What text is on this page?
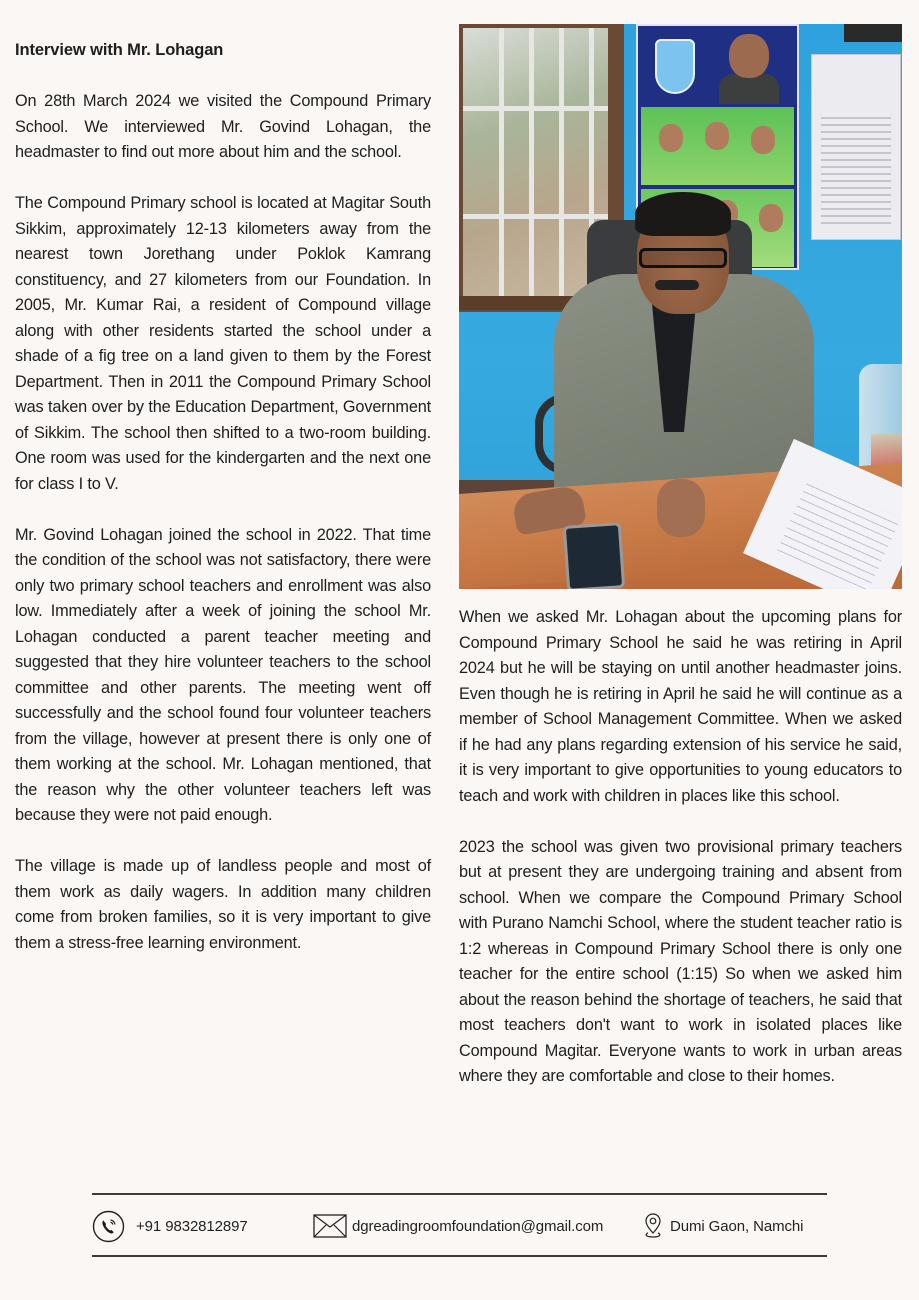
Interview with Mr. Lohagan

On 28th March 2024 we visited the Compound Primary School. We interviewed Mr. Govind Lohagan, the headmaster to find out more about him and the school.

The Compound Primary school is located at Magitar South Sikkim, approximately 12-13 kilometers away from the nearest town Jorethang under Poklok Kamrang constituency, and 27 kilometers from our Foundation. In 2005, Mr. Kumar Rai, a resident of Compound village along with other residents started the school under a shade of a fig tree on a land given to them by the Forest Department. Then in 2011 the Compound Primary School was taken over by the Education Department, Government of Sikkim. The school then shifted to a two-room building. One room was used for the kindergarten and the next one for class I to V.

Mr. Govind Lohagan joined the school in 2022. That time the condition of the school was not satisfactory, there were only two primary school teachers and enrollment was also low. Immediately after a week of joining the school Mr. Lohagan conducted a parent teacher meeting and suggested that they hire volunteer teachers to the school committee and other parents. The meeting went off successfully and the school found four volunteer teachers from the village, however at present there is only one of them working at the school. Mr. Lohagan mentioned, that the reason why the other volunteer teachers left was because they were not paid enough.

The village is made up of landless people and most of them work as daily wagers. In addition many children come from broken families, so it is very important to give them a stress-free learning environment.

When we asked Mr. Lohagan about the upcoming plans for Compound Primary School he said he was retiring in April 2024 but he will be staying on until another headmaster joins. Even though he is retiring in April he said he will continue as a member of School Management Committee. When we asked if he had any plans regarding extension of his service he said, it is very important to give opportunities to young educators to teach and work with children in places like this school.

2023 the school was given two provisional primary teachers but at present they are undergoing training and absent from school. When we compare the Compound Primary School with Purano Namchi School, where the student teacher ratio is 1:2 whereas in Compound Primary School there is only one teacher for the entire school (1:15) So when we asked him about the reason behind the shortage of teachers, he said that most teachers don't want to work in isolated places like Compound Magitar. Everyone wants to work in urban areas where they are comfortable and close to their homes.

+91 9832812897	dgreadingroomfoundation@gmail.com	Dumi Gaon, Namchi
